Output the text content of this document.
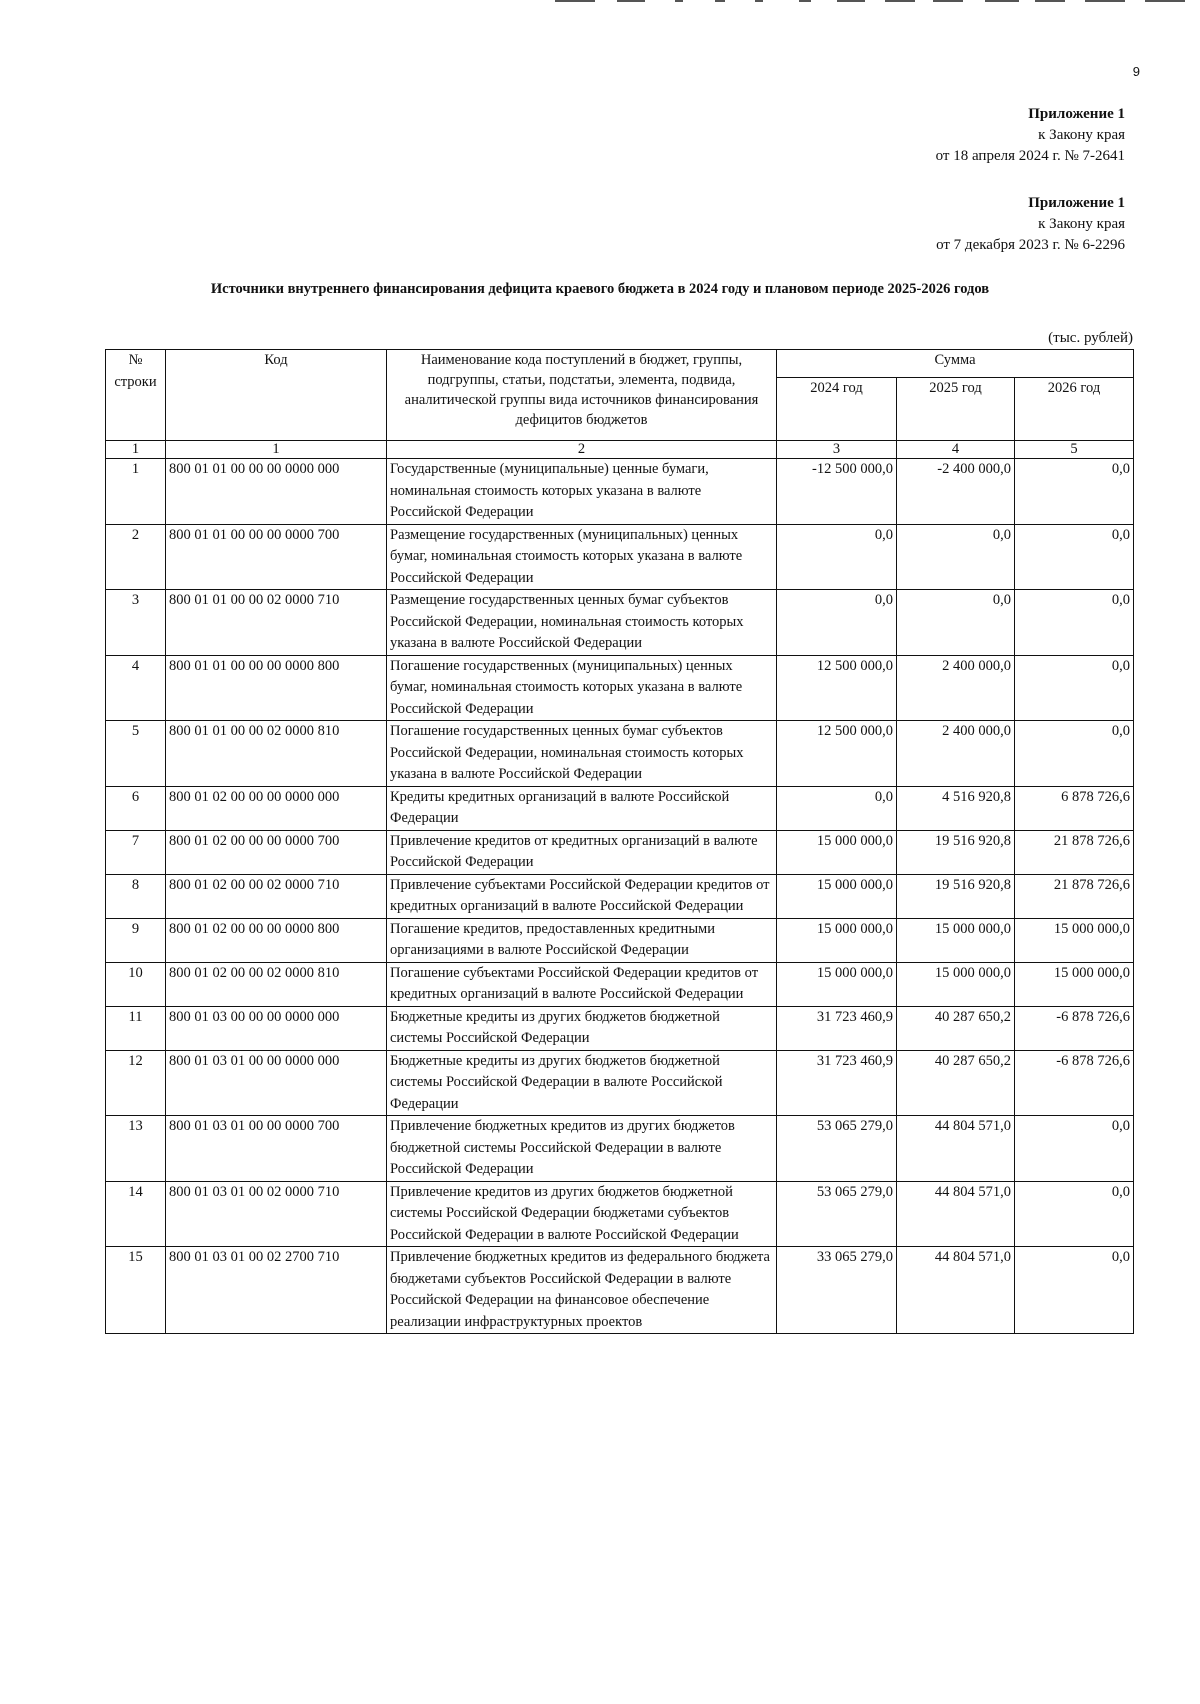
9
Приложение 1
к Закону края
от 18 апреля 2024 г. № 7-2641
Приложение 1
к Закону края
от 7 декабря 2023 г. № 6-2296
Источники внутреннего финансирования дефицита краевого бюджета в 2024 году и плановом периоде 2025-2026 годов
(тыс. рублей)
№ строки	Код	Наименование кода поступлений в бюджет, группы, подгруппы, статьи, подстатьи, элемента, подвида, аналитической группы вида источников финансирования дефицитов бюджетов	Сумма		
			2024 год	2025 год	2026 год
1	1	2	3	4	5
1	800 01 01 00 00 00 0000 000	Государственные (муниципальные) ценные бумаги, номинальная стоимость которых указана в валюте Российской Федерации	-12 500 000,0	-2 400 000,0	0,0
2	800 01 01 00 00 00 0000 700	Размещение государственных (муниципальных) ценных бумаг, номинальная стоимость которых указана в валюте Российской Федерации	0,0	0,0	0,0
3	800 01 01 00 00 02 0000 710	Размещение государственных ценных бумаг субъектов Российской Федерации, номинальная стоимость которых указана в валюте Российской Федерации	0,0	0,0	0,0
4	800 01 01 00 00 00 0000 800	Погашение государственных (муниципальных) ценных бумаг, номинальная стоимость которых указана в валюте Российской Федерации	12 500 000,0	2 400 000,0	0,0
5	800 01 01 00 00 02 0000 810	Погашение государственных ценных бумаг субъектов Российской Федерации, номинальная стоимость которых указана в валюте Российской Федерации	12 500 000,0	2 400 000,0	0,0
6	800 01 02 00 00 00 0000 000	Кредиты кредитных организаций в валюте Российской Федерации	0,0	4 516 920,8	6 878 726,6
7	800 01 02 00 00 00 0000 700	Привлечение кредитов от кредитных организаций в валюте Российской Федерации	15 000 000,0	19 516 920,8	21 878 726,6
8	800 01 02 00 00 02 0000 710	Привлечение субъектами Российской Федерации кредитов от кредитных организаций в валюте Российской Федерации	15 000 000,0	19 516 920,8	21 878 726,6
9	800 01 02 00 00 00 0000 800	Погашение кредитов, предоставленных кредитными организациями в валюте Российской Федерации	15 000 000,0	15 000 000,0	15 000 000,0
10	800 01 02 00 00 02 0000 810	Погашение субъектами Российской Федерации кредитов от кредитных организаций в валюте Российской Федерации	15 000 000,0	15 000 000,0	15 000 000,0
11	800 01 03 00 00 00 0000 000	Бюджетные кредиты из других бюджетов бюджетной системы Российской Федерации	31 723 460,9	40 287 650,2	-6 878 726,6
12	800 01 03 01 00 00 0000 000	Бюджетные кредиты из других бюджетов бюджетной системы Российской Федерации в валюте Российской Федерации	31 723 460,9	40 287 650,2	-6 878 726,6
13	800 01 03 01 00 00 0000 700	Привлечение бюджетных кредитов из других бюджетов бюджетной системы Российской Федерации в валюте Российской Федерации	53 065 279,0	44 804 571,0	0,0
14	800 01 03 01 00 02 0000 710	Привлечение кредитов из других бюджетов бюджетной системы Российской Федерации бюджетами субъектов Российской Федерации в валюте Российской Федерации	53 065 279,0	44 804 571,0	0,0
15	800 01 03 01 00 02 2700 710	Привлечение бюджетных кредитов из федерального бюджета бюджетами субъектов Российской Федерации в валюте Российской Федерации на финансовое обеспечение реализации инфраструктурных проектов	33 065 279,0	44 804 571,0	0,0
